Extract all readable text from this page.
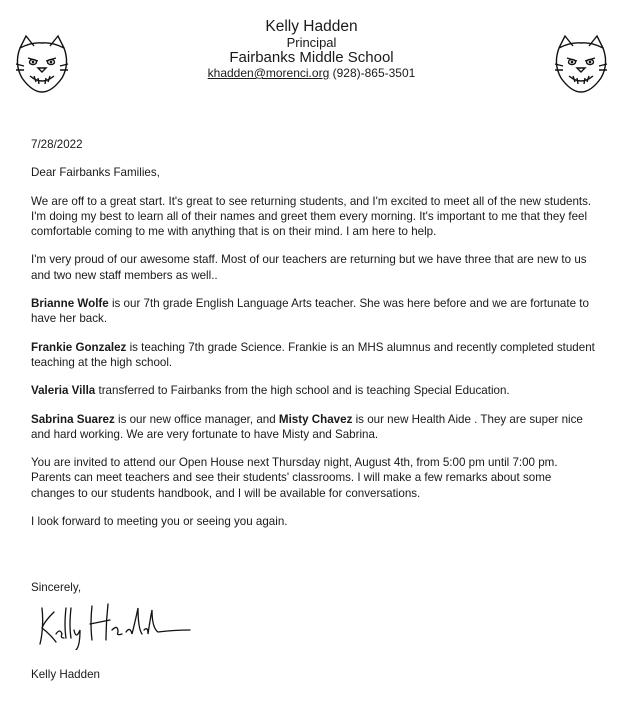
Kelly Hadden
Principal
Fairbanks Middle School
khadden@morenci.org (928)-865-3501

7/28/2022

Dear Fairbanks Families,

We are off to a great start. It's great to see returning students, and I'm excited to meet all of the new students. I'm doing my best to learn all of their names and greet them every morning. It's important to me that they feel comfortable coming to me with anything that is on their mind. I am here to help.

I'm very proud of our awesome staff. Most of our teachers are returning but we have three that are new to us and two new staff members as well..

Brianne Wolfe is our 7th grade English Language Arts teacher. She was here before and we are fortunate to have her back.

Frankie Gonzalez is teaching 7th grade Science. Frankie is an MHS alumnus and recently completed student teaching at the high school.

Valeria Villa transferred to Fairbanks from the high school and is teaching Special Education.

Sabrina Suarez is our new office manager, and Misty Chavez is our new Health Aide . They are super nice and hard working. We are very fortunate to have Misty and Sabrina.

You are invited to attend our Open House next Thursday night, August 4th, from 5:00 pm until 7:00 pm. Parents can meet teachers and see their students' classrooms. I will make a few remarks about some changes to our students handbook, and I will be available for conversations.

I look forward to meeting you or seeing you again.

Sincerely,
Kelly Hadden
